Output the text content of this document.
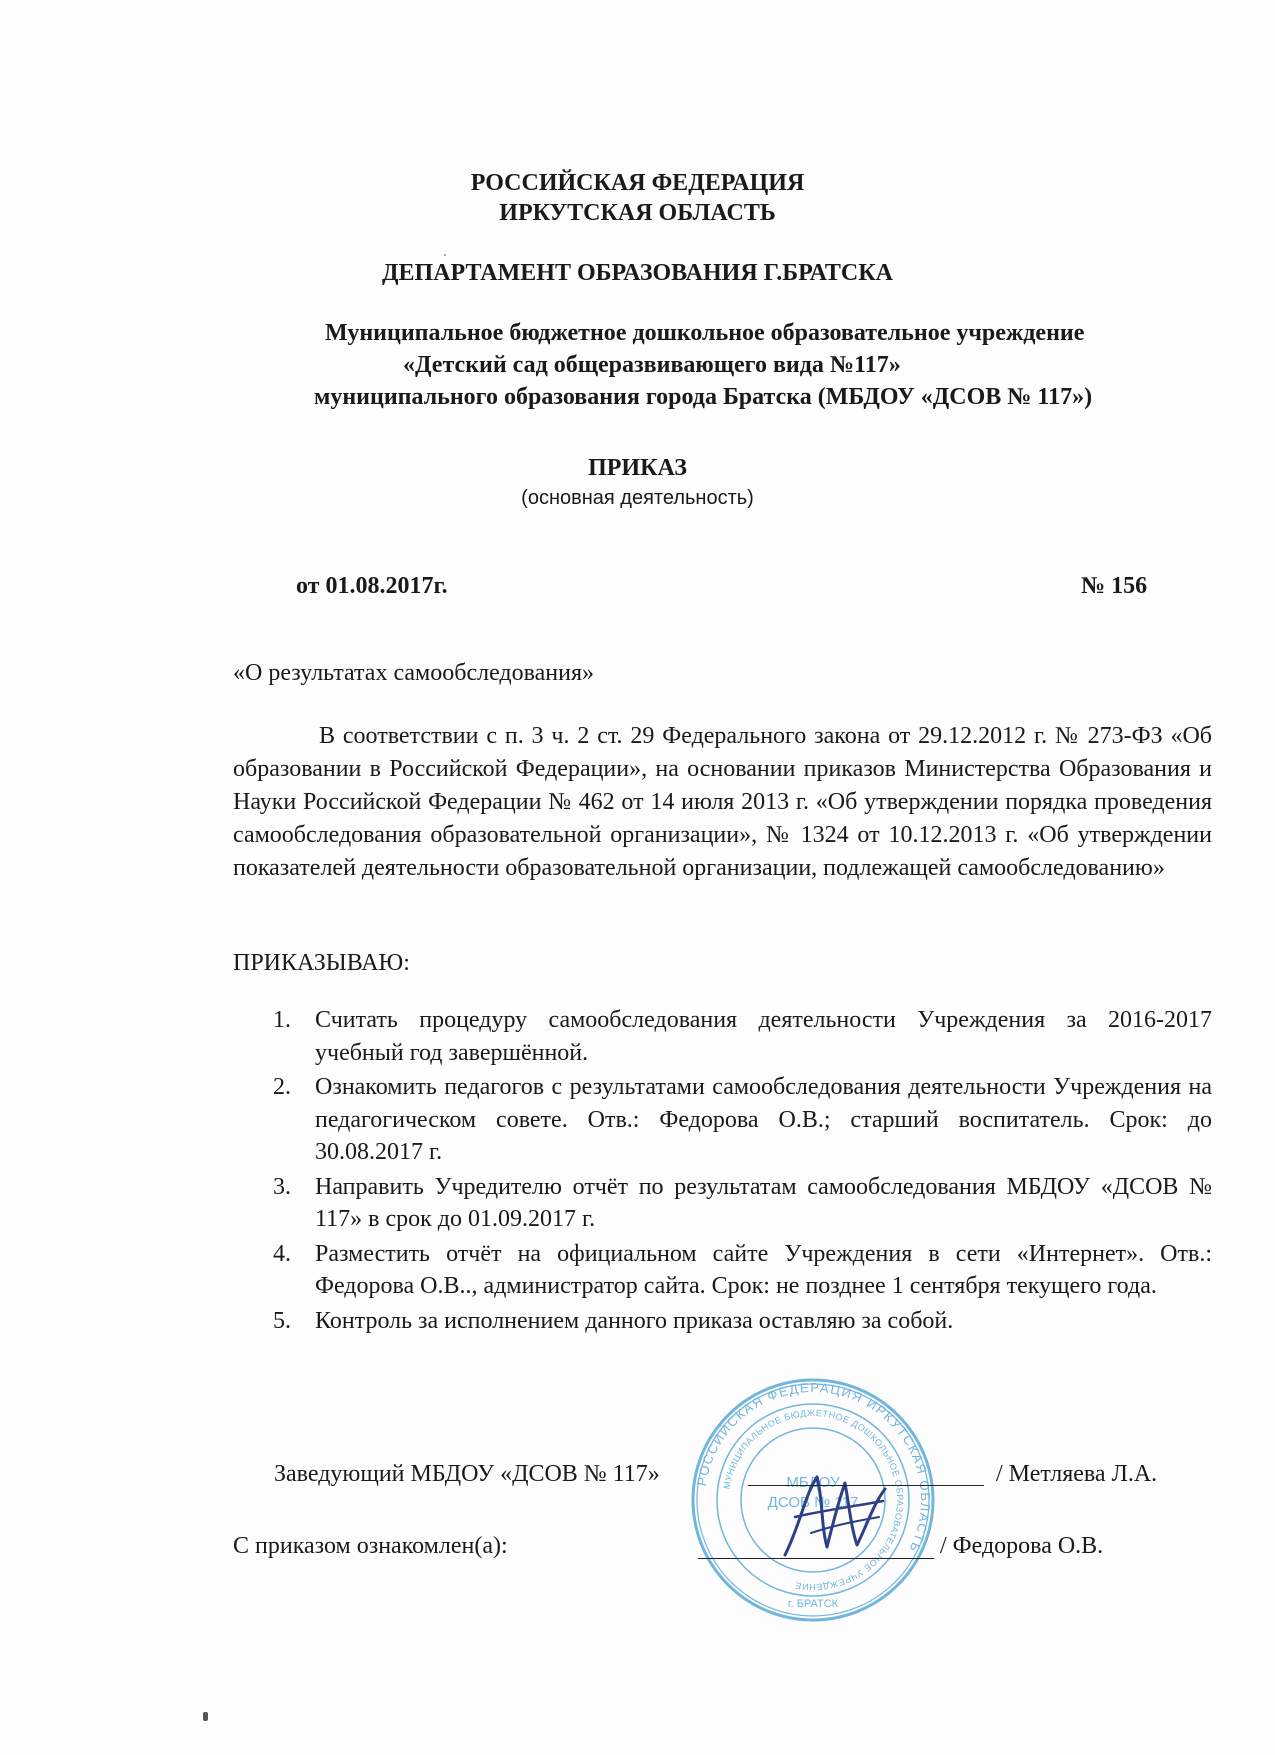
РОССИЙСКАЯ ФЕДЕРАЦИЯ
ИРКУТСКАЯ ОБЛАСТЬ
ДЕПАРТАМЕНТ ОБРАЗОВАНИЯ Г.БРАТСКА
Муниципальное бюджетное дошкольное образовательное учреждение
«Детский сад общеразвивающего вида №117»
муниципального образования города Братска (МБДОУ «ДСОВ № 117»)
ПРИКАЗ
(основная деятельность)
от 01.08.2017г.	№ 156
«О результатах самообследования»
В соответствии с п. 3 ч. 2 ст. 29 Федерального закона от 29.12.2012 г. № 273-ФЗ «Об образовании в Российской Федерации», на основании приказов Министерства Образования и Науки Российской Федерации № 462 от 14 июля 2013 г. «Об утверждении порядка проведения самообследования образовательной организации», № 1324 от 10.12.2013 г. «Об утверждении показателей деятельности образовательной организации, подлежащей самообследованию»
ПРИКАЗЫВАЮ:
1. Считать процедуру самообследования деятельности Учреждения за 2016-2017 учебный год завершённой.
2. Ознакомить педагогов с результатами самообследования деятельности Учреждения на педагогическом совете. Отв.: Федорова О.В.; старший воспитатель. Срок: до 30.08.2017 г.
3. Направить Учредителю отчёт по результатам самообследования МБДОУ «ДСОВ № 117» в срок до 01.09.2017 г.
4. Разместить отчёт на официальном сайте Учреждения в сети «Интернет». Отв.: Федорова О.В.., администратор сайта. Срок: не позднее 1 сентября текущего года.
5. Контроль за исполнением данного приказа оставляю за собой.
РОССИЙСКАЯ ФЕДЕРАЦИЯ ИРКУТСКАЯ ОБЛАСТЬ
МУНИЦИПАЛЬНОЕ БЮДЖЕТНОЕ ДОШКОЛЬНОЕ ОБРАЗОВАТЕЛЬНОЕ УЧРЕЖДЕНИЕ
МБДОУ
ДСОВ № 117
г. БРАТСК
Заведующий МБДОУ «ДСОВ № 117»	/ Метляева Л.А.
С приказом ознакомлен(а):	/ Федорова О.В.
